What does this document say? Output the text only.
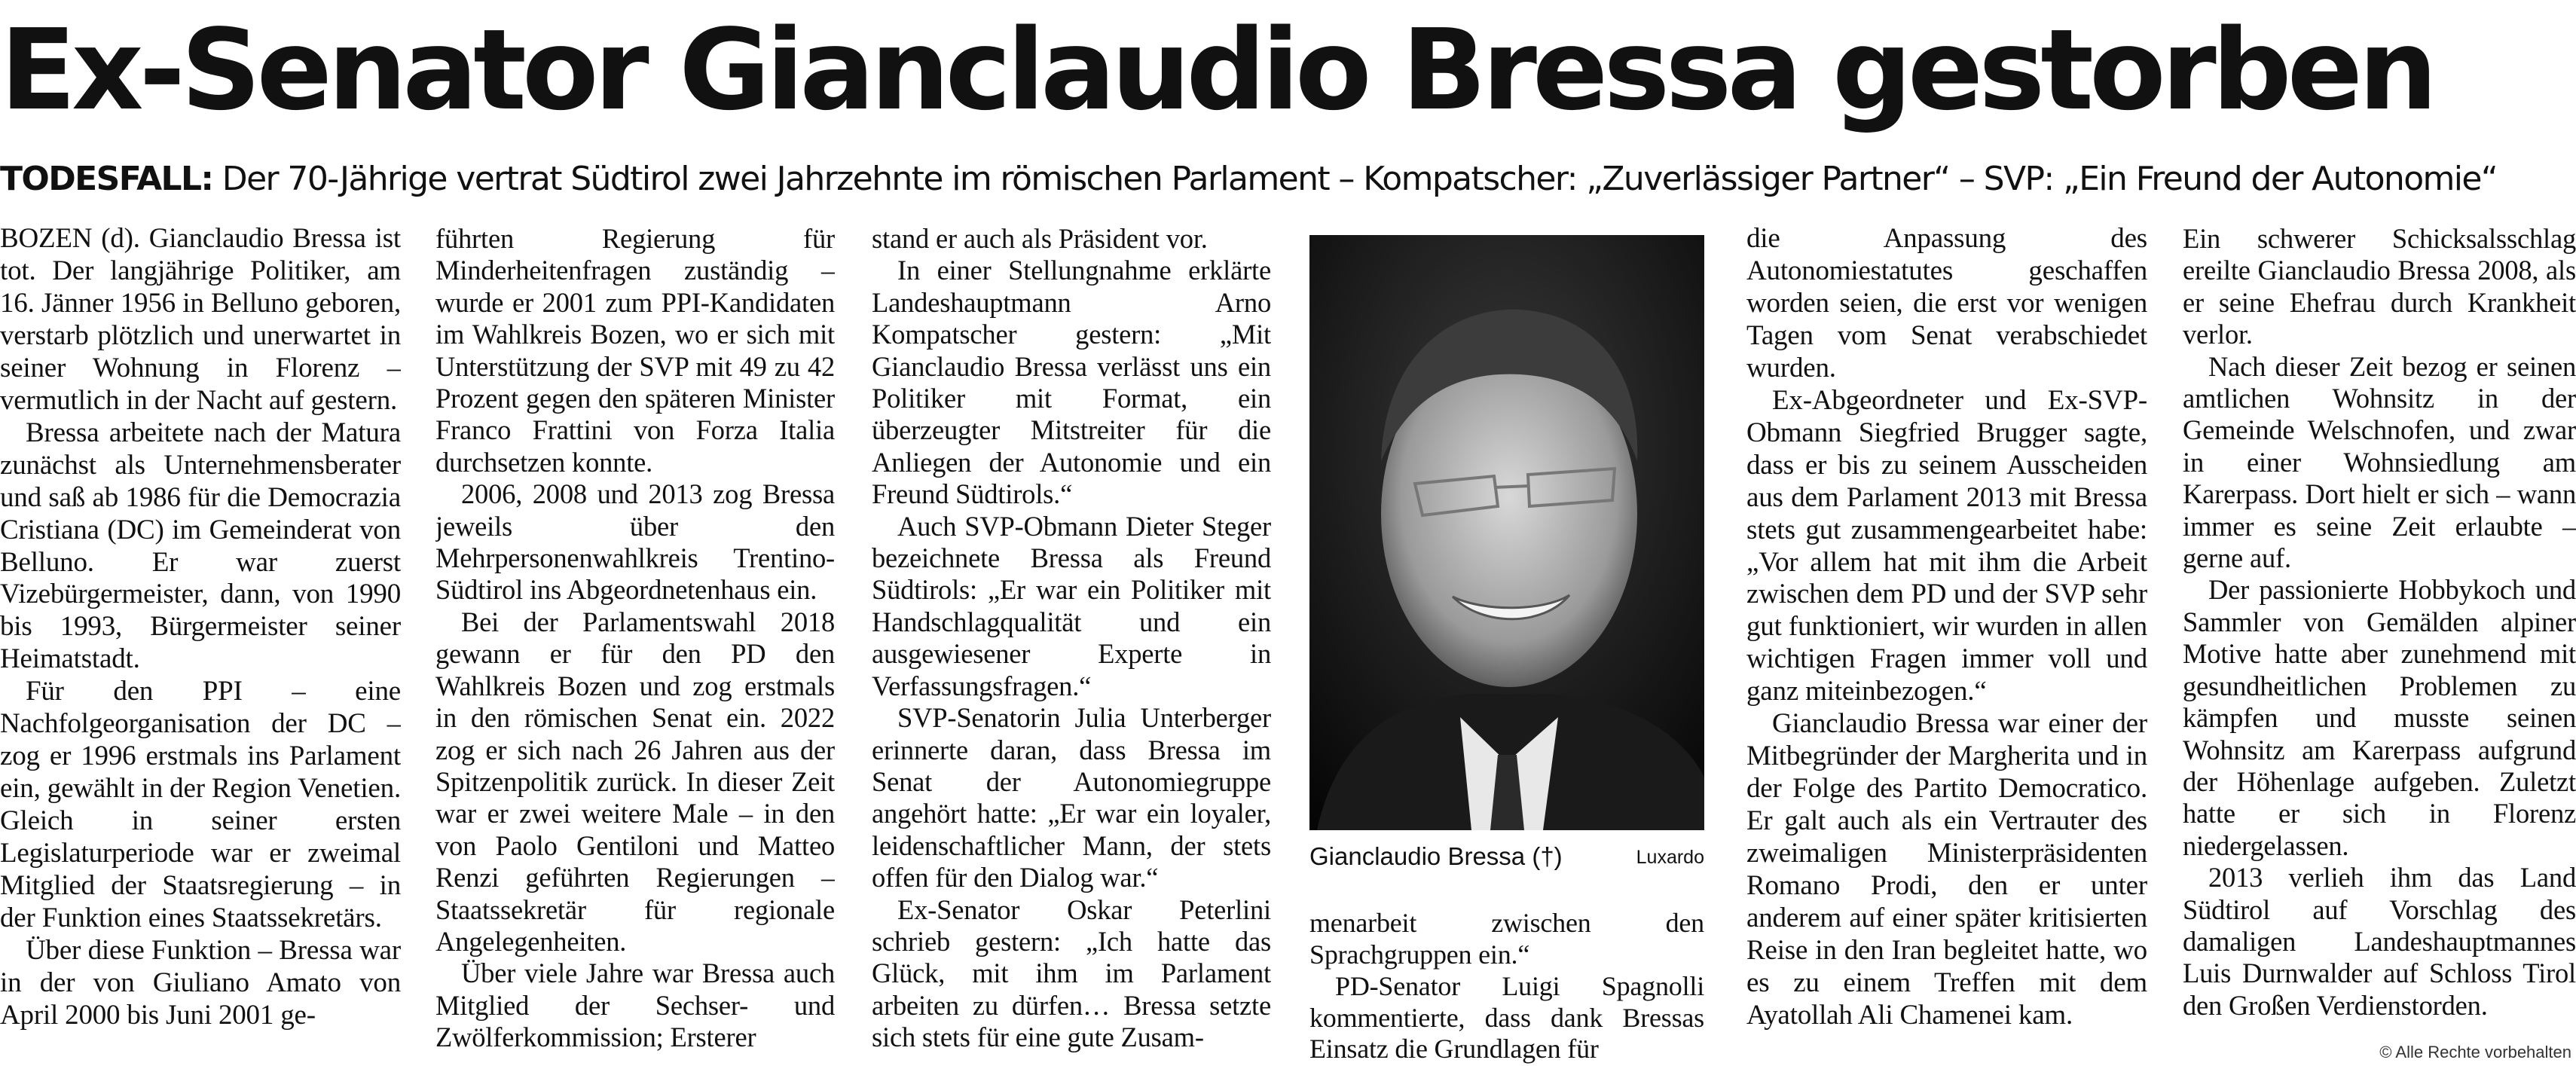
Ex-Senator Gianclaudio Bressa gestorben
TODESFALL: Der 70-Jährige vertrat Südtirol zwei Jahrzehnte im römischen Parlament – Kompatscher: „Zuverlässiger Partner“ – SVP: „Ein Freund der Autonomie“

BOZEN (d). Gianclaudio Bressa ist tot. Der langjährige Politiker, am 16. Jänner 1956 in Belluno geboren, verstarb plötzlich und unerwartet in seiner Wohnung in Florenz – vermutlich in der Nacht auf gestern.

Bressa arbeitete nach der Matura zunächst als Unternehmensberater und saß ab 1986 für die Democrazia Cristiana (DC) im Gemeinderat von Belluno. Er war zuerst Vizebürgermeister, dann, von 1990 bis 1993, Bürgermeister seiner Heimatstadt.

Für den PPI – eine Nachfolgeorganisation der DC – zog er 1996 erstmals ins Parlament ein, gewählt in der Region Venetien. Gleich in seiner ersten Legislaturperiode war er zweimal Mitglied der Staatsregierung – in der Funktion eines Staatssekretärs.

Über diese Funktion – Bressa war in der von Giuliano Amato von April 2000 bis Juni 2001 ge-

führten Regierung für Minderheitenfragen zuständig – wurde er 2001 zum PPI-Kandidaten im Wahlkreis Bozen, wo er sich mit Unterstützung der SVP mit 49 zu 42 Prozent gegen den späteren Minister Franco Frattini von Forza Italia durchsetzen konnte.

2006, 2008 und 2013 zog Bressa jeweils über den Mehrpersonenwahlkreis Trentino-Südtirol ins Abgeordnetenhaus ein.

Bei der Parlamentswahl 2018 gewann er für den PD den Wahlkreis Bozen und zog erstmals in den römischen Senat ein. 2022 zog er sich nach 26 Jahren aus der Spitzenpolitik zurück. In dieser Zeit war er zwei weitere Male – in den von Paolo Gentiloni und Matteo Renzi geführten Regierungen – Staatssekretär für regionale Angelegenheiten.

Über viele Jahre war Bressa auch Mitglied der Sechser- und Zwölferkommission; Ersterer

stand er auch als Präsident vor.

In einer Stellungnahme erklärte Landeshauptmann Arno Kompatscher gestern: „Mit Gianclaudio Bressa verlässt uns ein Politiker mit Format, ein überzeugter Mitstreiter für die Anliegen der Autonomie und ein Freund Südtirols.“

Auch SVP-Obmann Dieter Steger bezeichnete Bressa als Freund Südtirols: „Er war ein Politiker mit Handschlagqualität und ein ausgewiesener Experte in Verfassungsfragen.“

SVP-Senatorin Julia Unterberger erinnerte daran, dass Bressa im Senat der Autonomiegruppe angehört hatte: „Er war ein loyaler, leidenschaftlicher Mann, der stets offen für den Dialog war.“

Ex-Senator Oskar Peterlini schrieb gestern: „Ich hatte das Glück, mit ihm im Parlament arbeiten zu dürfen… Bressa setzte sich stets für eine gute Zusam-

Gianclaudio Bressa (†)	Luxardo

menarbeit zwischen den Sprachgruppen ein.“

PD-Senator Luigi Spagnolli kommentierte, dass dank Bressas Einsatz die Grundlagen für

die Anpassung des Autonomiestatutes geschaffen worden seien, die erst vor wenigen Tagen vom Senat verabschiedet wurden.

Ex-Abgeordneter und Ex-SVP-Obmann Siegfried Brugger sagte, dass er bis zu seinem Ausscheiden aus dem Parlament 2013 mit Bressa stets gut zusammengearbeitet habe: „Vor allem hat mit ihm die Arbeit zwischen dem PD und der SVP sehr gut funktioniert, wir wurden in allen wichtigen Fragen immer voll und ganz miteinbezogen.“

Gianclaudio Bressa war einer der Mitbegründer der Margherita und in der Folge des Partito Democratico. Er galt auch als ein Vertrauter des zweimaligen Ministerpräsidenten Romano Prodi, den er unter anderem auf einer später kritisierten Reise in den Iran begleitet hatte, wo es zu einem Treffen mit dem Ayatollah Ali Chamenei kam.

Ein schwerer Schicksalsschlag ereilte Gianclaudio Bressa 2008, als er seine Ehefrau durch Krankheit verlor.

Nach dieser Zeit bezog er seinen amtlichen Wohnsitz in der Gemeinde Welschnofen, und zwar in einer Wohnsiedlung am Karerpass. Dort hielt er sich – wann immer es seine Zeit erlaubte – gerne auf.

Der passionierte Hobbykoch und Sammler von Gemälden alpiner Motive hatte aber zunehmend mit gesundheitlichen Problemen zu kämpfen und musste seinen Wohnsitz am Karerpass aufgrund der Höhenlage aufgeben. Zuletzt hatte er sich in Florenz niedergelassen.

2013 verlieh ihm das Land Südtirol auf Vorschlag des damaligen Landeshauptmannes Luis Durnwalder auf Schloss Tirol den Großen Verdienstorden.

© Alle Rechte vorbehalten
